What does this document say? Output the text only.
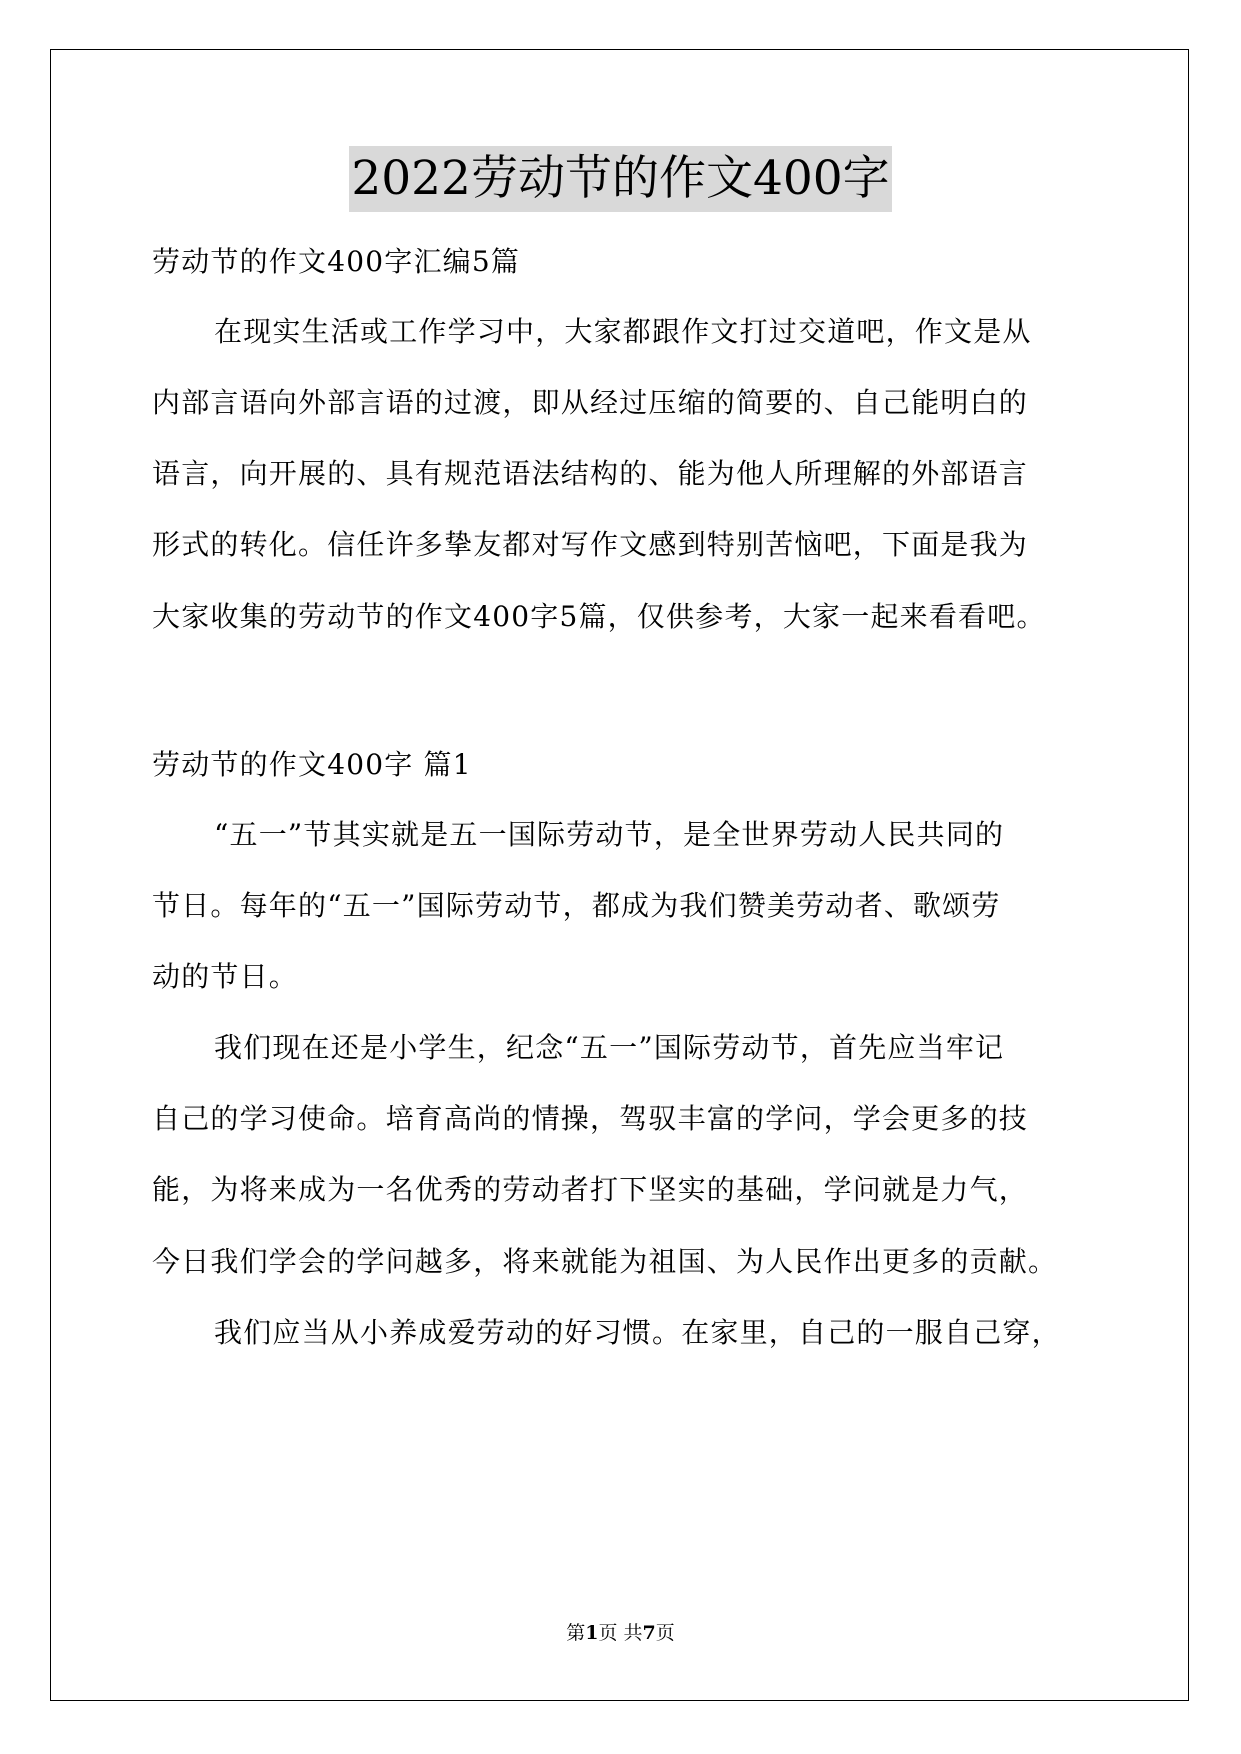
2022劳动节的作文400字
劳动节的作文400字汇编5篇
在现实生活或工作学习中，大家都跟作文打过交道吧，作文是从
内部言语向外部言语的过渡，即从经过压缩的简要的、自己能明白的
语言，向开展的、具有规范语法结构的、能为他人所理解的外部语言
形式的转化。信任许多挚友都对写作文感到特别苦恼吧，下面是我为
大家收集的劳动节的作文400字5篇，仅供参考，大家一起来看看吧。
劳动节的作文400字 篇1
“五一”节其实就是五一国际劳动节，是全世界劳动人民共同的
节日。每年的“五一”国际劳动节，都成为我们赞美劳动者、歌颂劳
动的节日。
我们现在还是小学生，纪念“五一”国际劳动节，首先应当牢记
自己的学习使命。培育高尚的情操，驾驭丰富的学问，学会更多的技
能，为将来成为一名优秀的劳动者打下坚实的基础，学问就是力气，
今日我们学会的学问越多，将来就能为祖国、为人民作出更多的贡献。
我们应当从小养成爱劳动的好习惯。在家里，自己的一服自己穿，
第1页 共7页
